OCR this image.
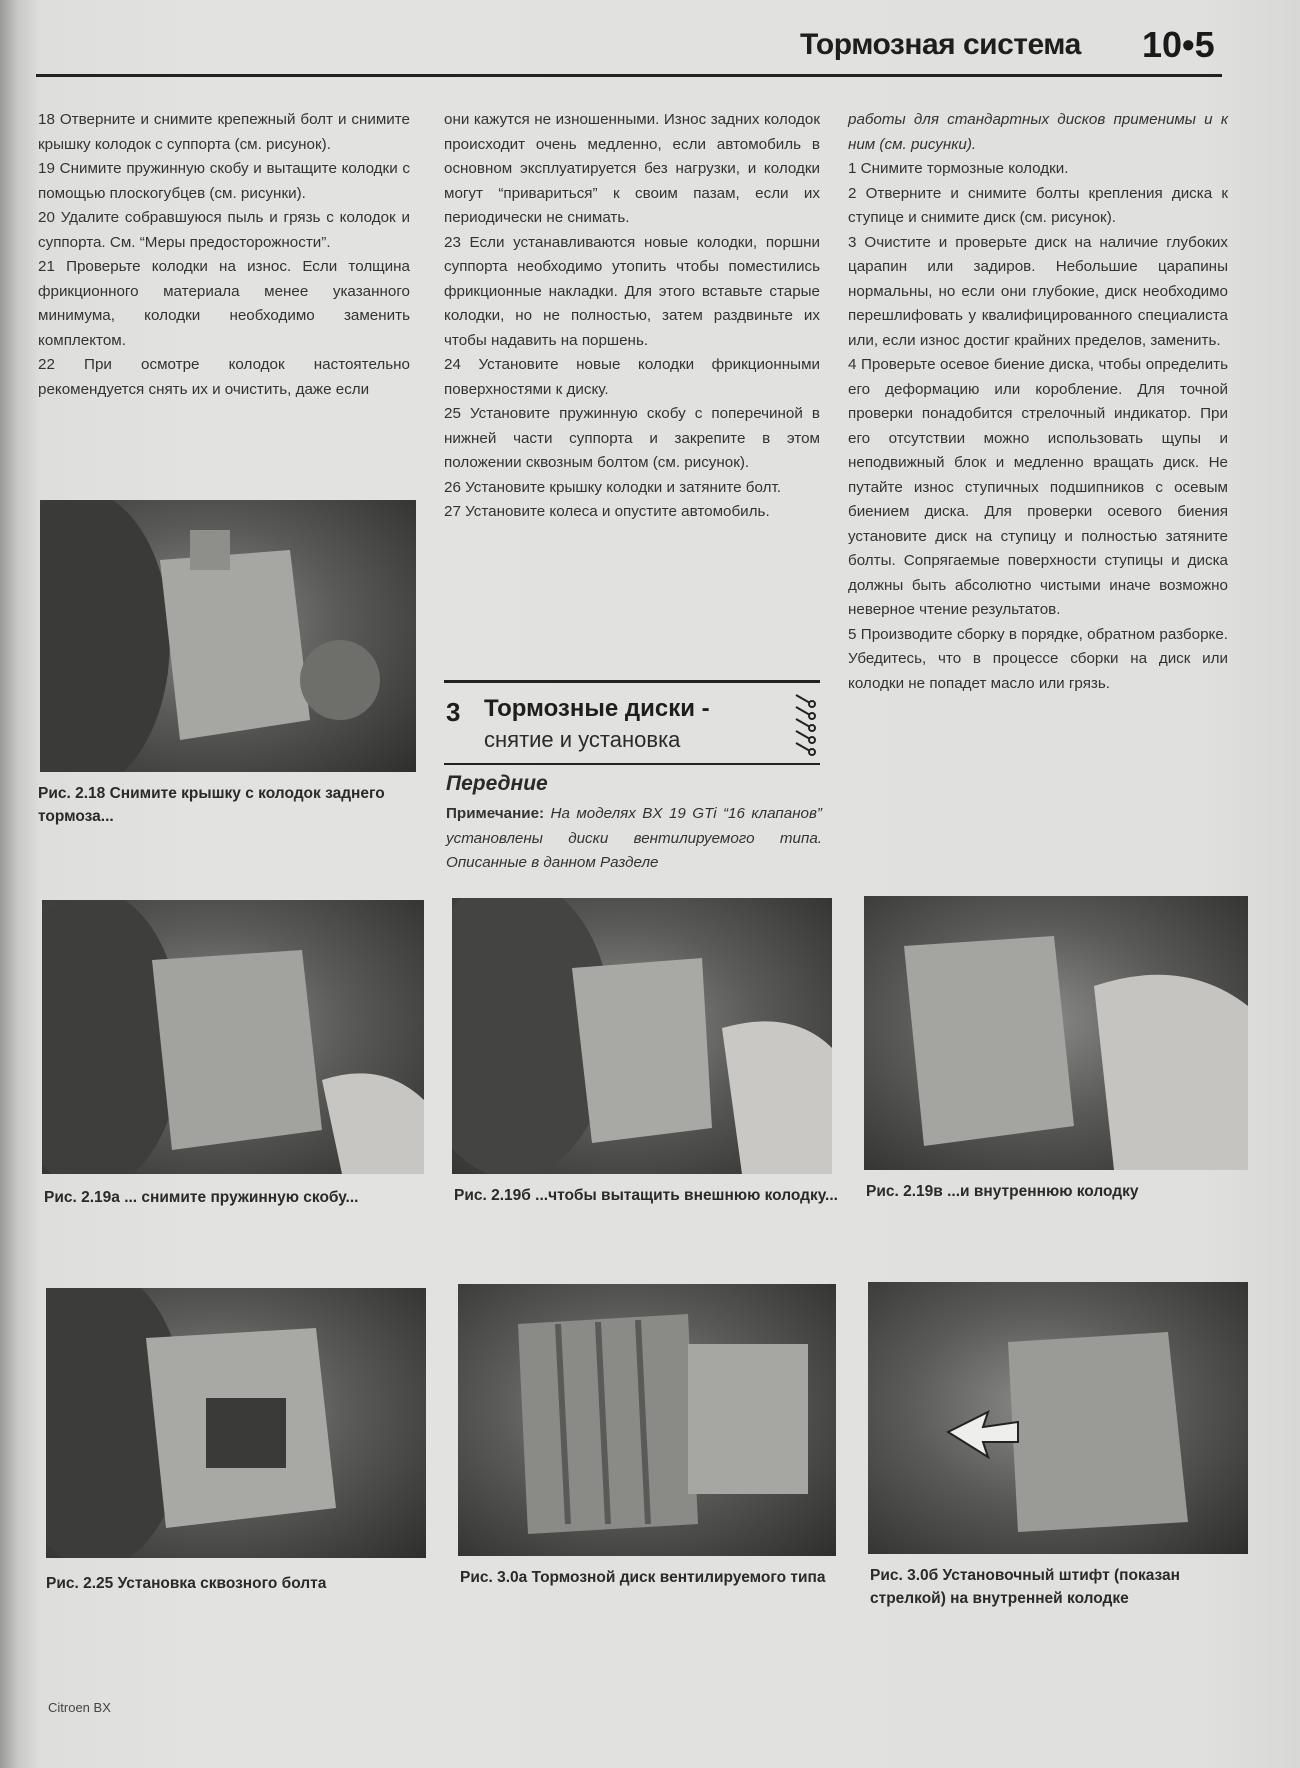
Тормозная система 10•5

18 Отверните и снимите крепежный болт и снимите крышку колодок с суппорта (см. рисунок).

19 Снимите пружинную скобу и вытащите колодки с помощью плоскогубцев (см. рисунки).

20 Удалите собравшуюся пыль и грязь с колодок и суппорта. См. “Меры предосторожности”.

21 Проверьте колодки на износ. Если толщина фрикционного материала менее указанного минимума, колодки необходимо заменить комплектом.

22 При осмотре колодок настоятельно рекомендуется снять их и очистить, даже если

они кажутся не изношенными. Износ задних колодок происходит очень медленно, если автомобиль в основном эксплуатируется без нагрузки, и колодки могут “привариться” к своим пазам, если их периодически не снимать.

23 Если устанавливаются новые колодки, поршни суппорта необходимо утопить чтобы поместились фрикционные накладки. Для этого вставьте старые колодки, но не полностью, затем раздвиньте их чтобы надавить на поршень.

24 Установите новые колодки фрикционными поверхностями к диску.

25 Установите пружинную скобу с поперечиной в нижней части суппорта и закрепите в этом положении сквозным болтом (см. рисунок).

26 Установите крышку колодки и затяните болт.

27 Установите колеса и опустите автомобиль.

3 Тормозные диски -
снятие и установка
Передние
Примечание: На моделях BX 19 GTi “16 клапанов” установлены диски вентилируемого типа. Описанные в данном Разделе

работы для стандартных дисков применимы и к ним (см. рисунки).

1 Снимите тормозные колодки.

2 Отверните и снимите болты крепления диска к ступице и снимите диск (см. рисунок).

3 Очистите и проверьте диск на наличие глубоких царапин или задиров. Небольшие царапины нормальны, но если они глубокие, диск необходимо перешлифовать у квалифицированного специалиста или, если износ достиг крайних пределов, заменить.

4 Проверьте осевое биение диска, чтобы определить его деформацию или коробление. Для точной проверки понадобится стрелочный индикатор. При его отсутствии можно использовать щупы и неподвижный блок и медленно вращать диск. Не путайте износ ступичных подшипников с осевым биением диска. Для проверки осевого биения установите диск на ступицу и полностью затяните болты. Сопрягаемые поверхности ступицы и диска должны быть абсолютно чистыми иначе возможно неверное чтение результатов.

5 Производите сборку в порядке, обратном разборке. Убедитесь, что в процессе сборки на диск или колодки не попадет масло или грязь.

Рис. 2.18 Снимите крышку с колодок заднего тормоза...
Рис. 2.19а ... снимите пружинную скобу...	Рис. 2.19б ...чтобы вытащить внешнюю колодку... Рис. 2.19в ...и внутреннюю колодку
Рис. 2.25 Установка сквозного болта	Рис. 3.0а Тормозной диск вентилируемого типа	Рис. 3.0б Установочный штифт (показан стрелкой) на внутренней колодке
Citroen BX
